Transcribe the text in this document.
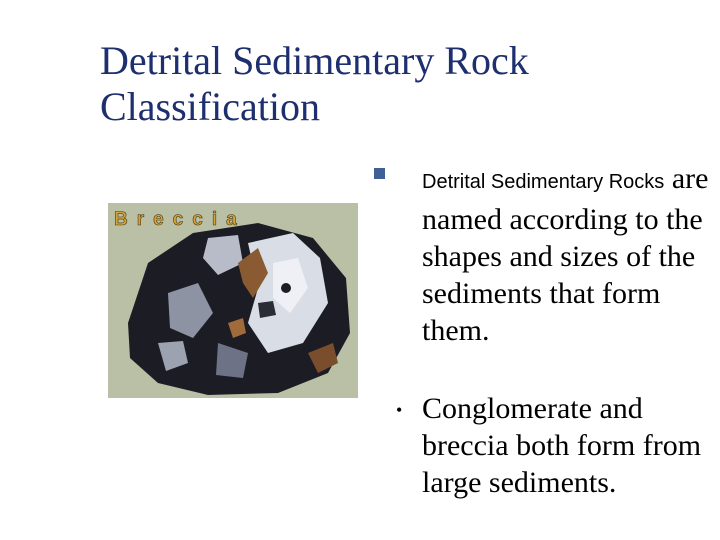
Detrital Sedimentary Rock
Classification
Breccia
Detrital Sedimentary Rocks are named according to the shapes and sizes of the sediments that form them.
• Conglomerate and breccia both form from large sediments.
